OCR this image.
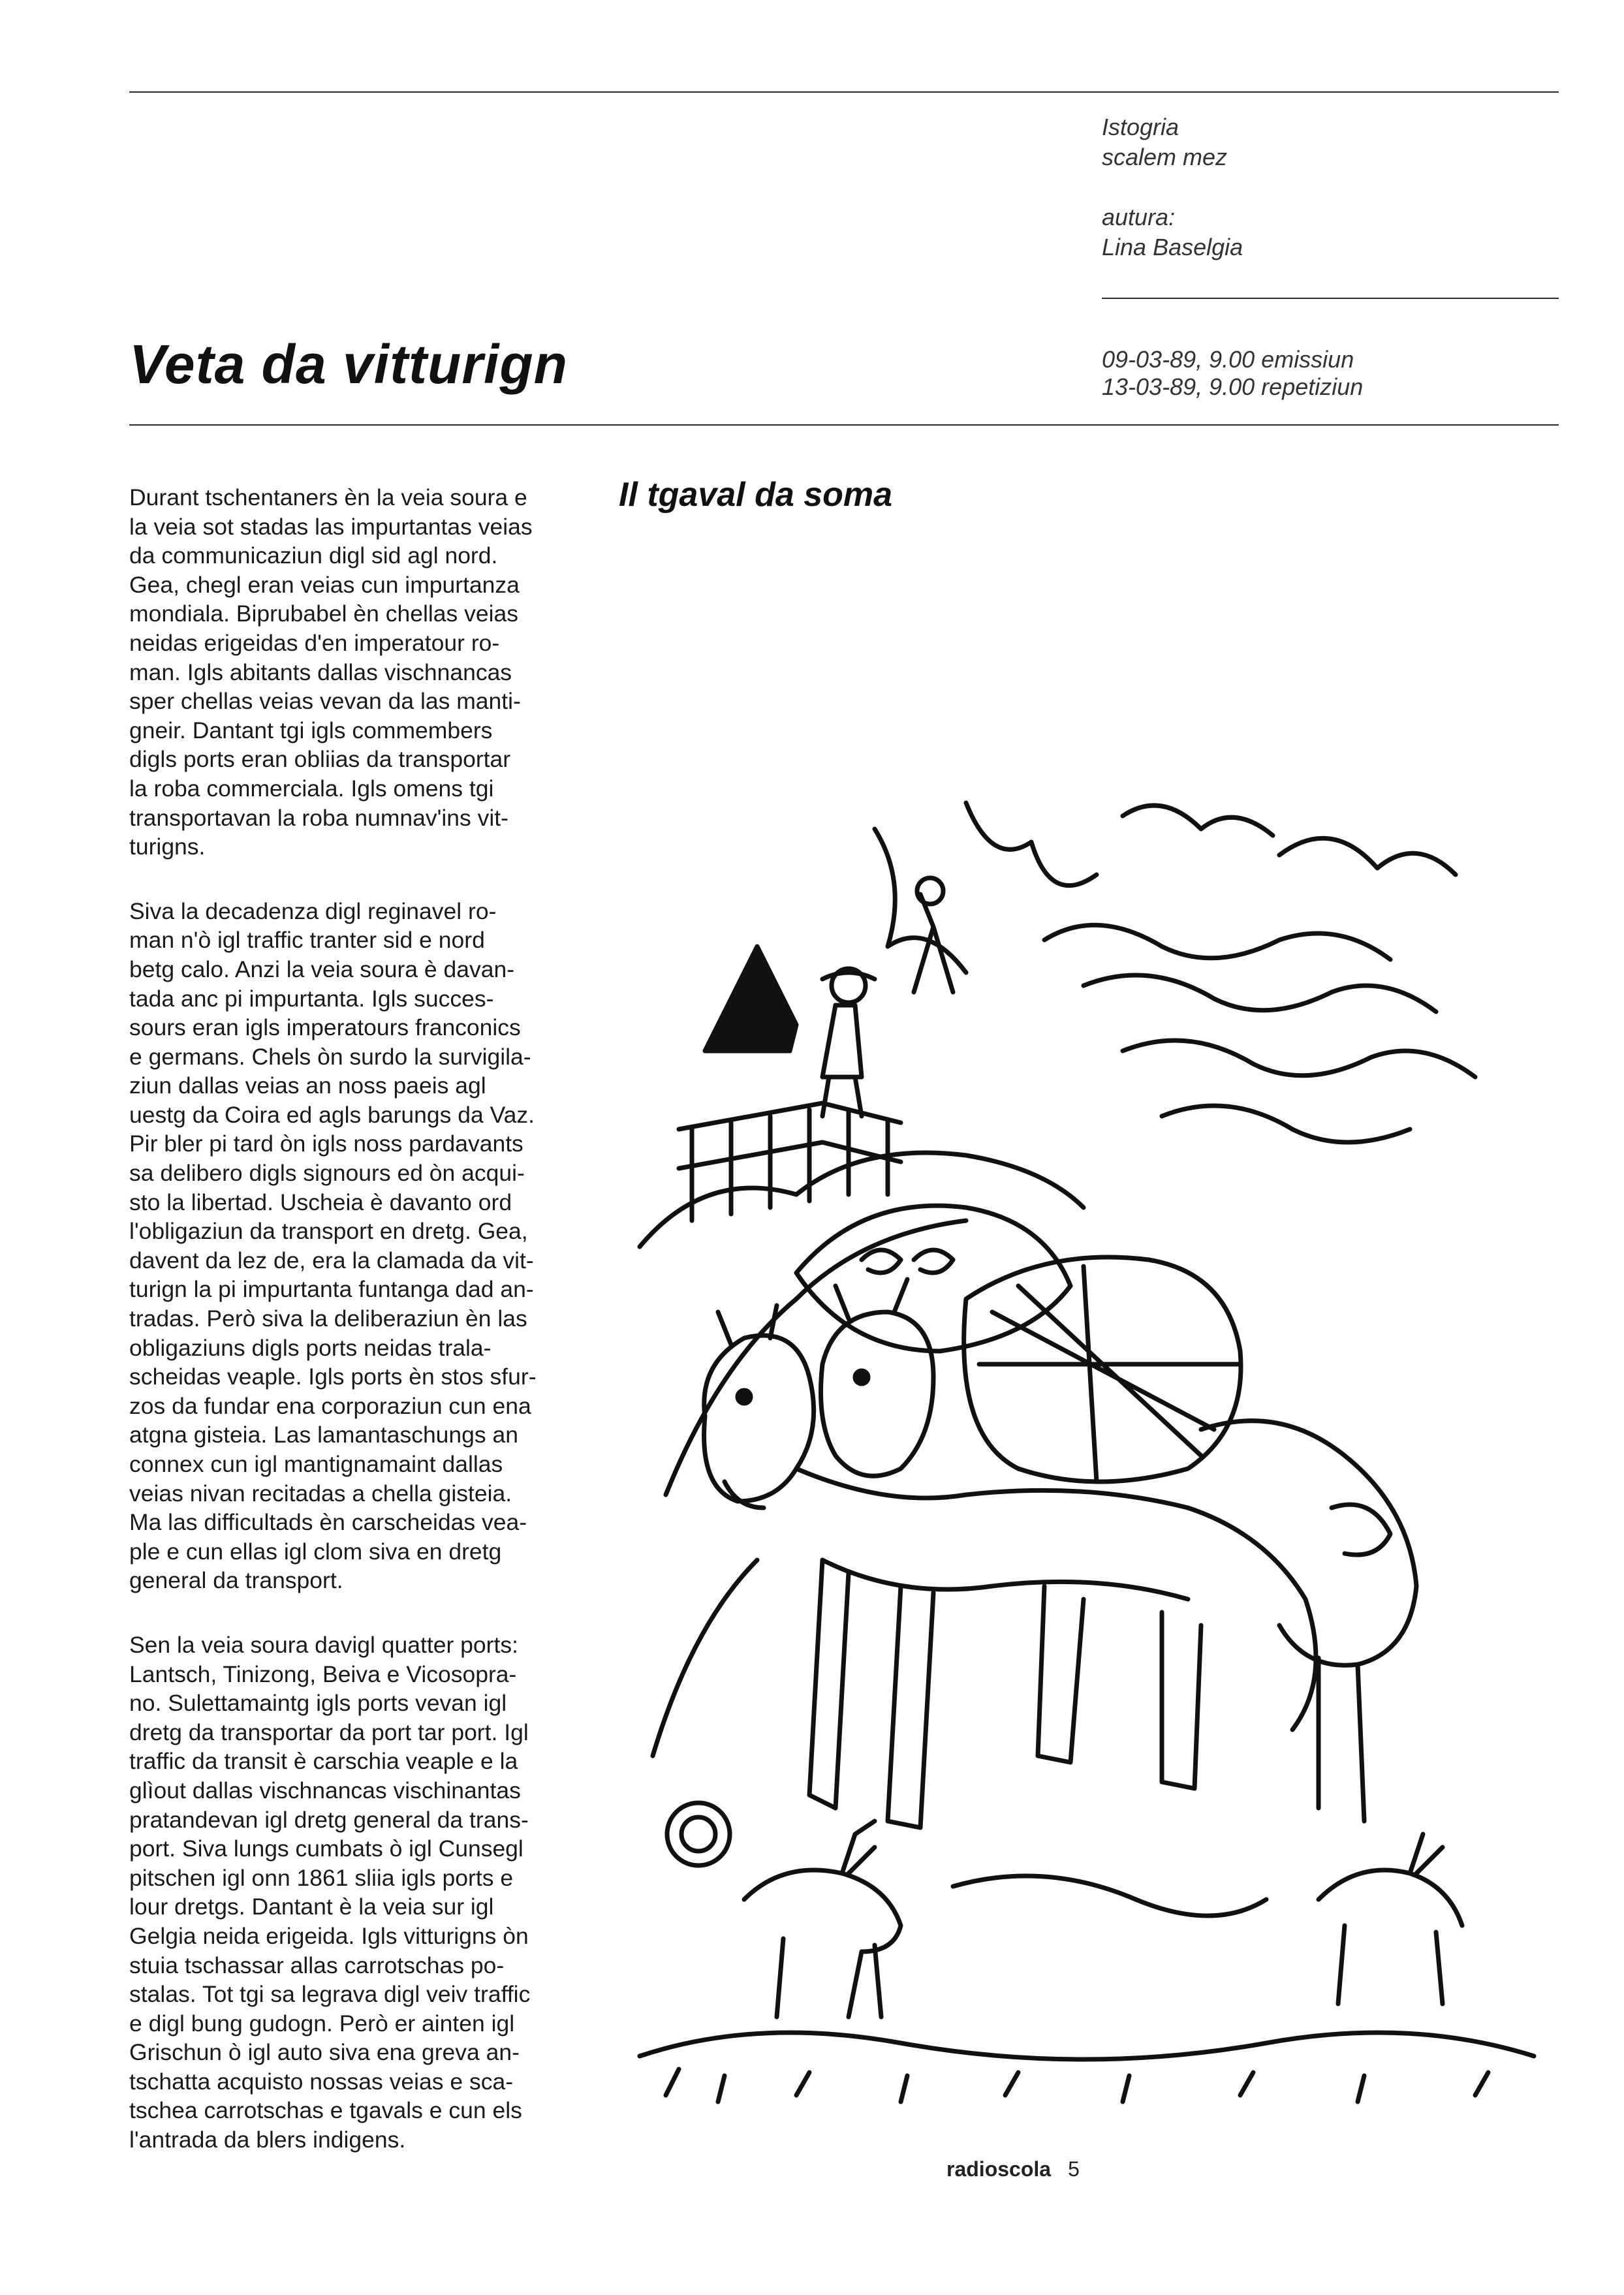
Istogria
scalem mez
autura:
Lina Baselgia
09-03-89, 9.00 emissiun
13-03-89, 9.00 repetiziun
Veta da vitturign

Durant tschentaners èn la veia soura e
la veia sot stadas las impurtantas veias
da communicaziun digl sid agl nord.
Gea, chegl eran veias cun impurtanza
mondiala. Biprubabel èn chellas veias
neidas erigeidas d'en imperatour ro-
man. Igls abitants dallas vischnancas
sper chellas veias vevan da las manti-
gneir. Dantant tgi igls commembers
digls ports eran obliias da transportar
la roba commerciala. Igls omens tgi
transportavan la roba numnav'ins vit-
turigns.

Siva la decadenza digl reginavel ro-
man n'ò igl traffic tranter sid e nord
betg calo. Anzi la veia soura è davan-
tada anc pi impurtanta. Igls succes-
sours eran igls imperatours franconics
e germans. Chels òn surdo la survigila-
ziun dallas veias an noss paeis agl
uestg da Coira ed agls barungs da Vaz.
Pir bler pi tard òn igls noss pardavants
sa delibero digls signours ed òn acqui-
sto la libertad. Uscheia è davanto ord
l'obligaziun da transport en dretg. Gea,
davent da lez de, era la clamada da vit-
turign la pi impurtanta funtanga dad an-
tradas. Però siva la deliberaziun èn las
obligaziuns digls ports neidas trala-
scheidas veaple. Igls ports èn stos sfur-
zos da fundar ena corporaziun cun ena
atgna gisteia. Las lamantaschungs an
connex cun igl mantignamaint dallas
veias nivan recitadas a chella gisteia.
Ma las difficultads èn carscheidas vea-
ple e cun ellas igl clom siva en dretg
general da transport.

Sen la veia soura davigl quatter ports:
Lantsch, Tinizong, Beiva e Vicosopra-
no. Sulettamaintg igls ports vevan igl
dretg da transportar da port tar port. Igl
traffic da transit è carschia veaple e la
glìout dallas vischnancas vischinantas
pratandevan igl dretg general da trans-
port. Siva lungs cumbats ò igl Cunsegl
pitschen igl onn 1861 sliia igls ports e
lour dretgs. Dantant è la veia sur igl
Gelgia neida erigeida. Igls vitturigns òn
stuia tschassar allas carrotschas po-
stalas. Tot tgi sa legrava digl veiv traffic
e digl bung gudogn. Però er ainten igl
Grischun ò igl auto siva ena greva an-
tschatta acquisto nossas veias e sca-
tschea carrotschas e tgavals e cun els
l'antrada da blers indigens.

Il tgaval da soma
radioscola 5
